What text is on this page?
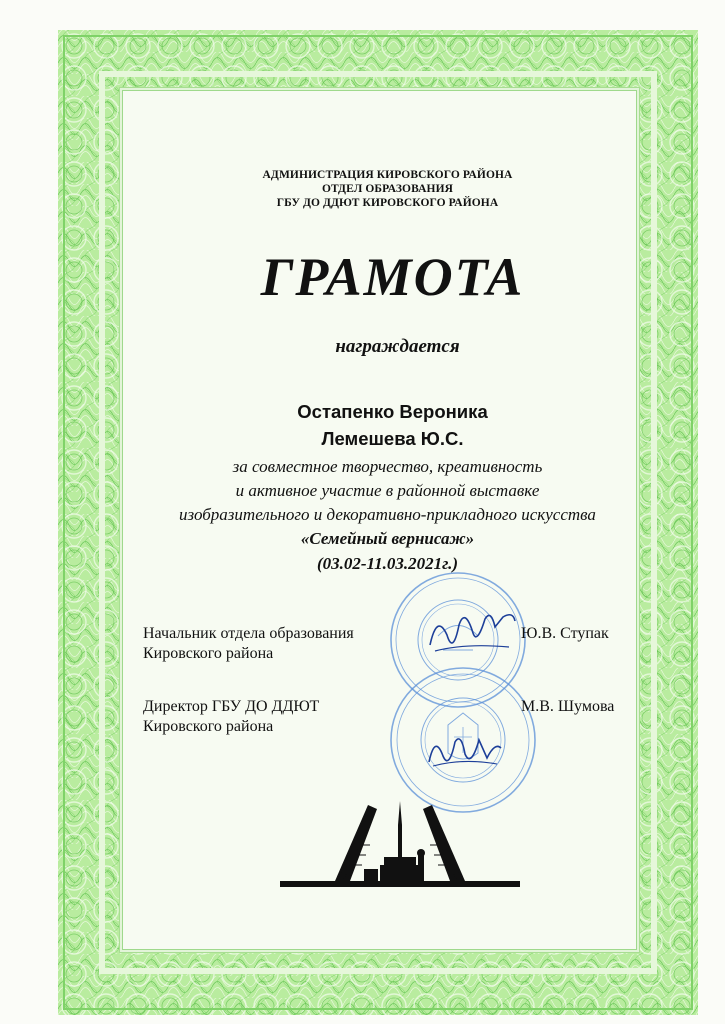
АДМИНИСТРАЦИЯ КИРОВСКОГО РАЙОНА
ОТДЕЛ ОБРАЗОВАНИЯ
ГБУ ДО ДДЮТ КИРОВСКОГО РАЙОНА
ГРАМОТА
награждается
Остапенко Вероника
Лемешева Ю.С.
за совместное творчество, креативность
и активное участие в районной выставке
изобразительного и декоративно-прикладного искусства
«Семейный вернисаж»
(03.02-11.03.2021г.)
Начальник отдела образования
Кировского района
Ю.В. Ступак
Директор ГБУ ДО ДДЮТ
Кировского района
М.В. Шумова
